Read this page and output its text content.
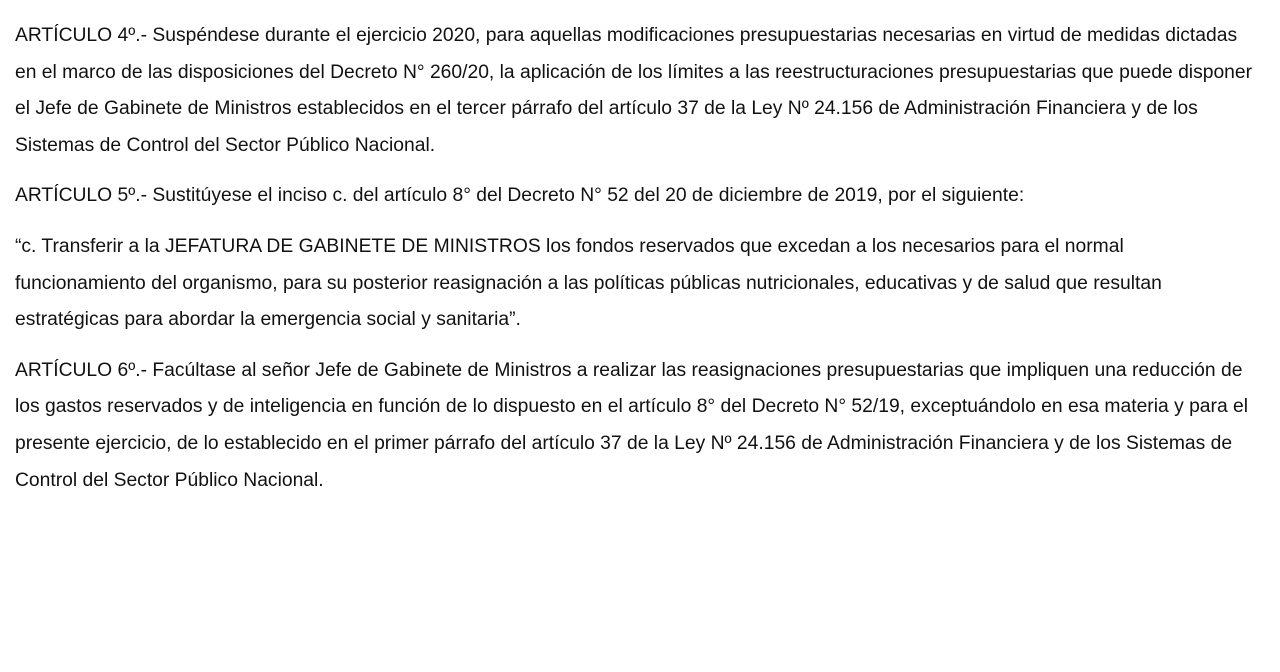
ARTÍCULO 4º.- Suspéndese durante el ejercicio 2020, para aquellas modificaciones presupuestarias necesarias en virtud de medidas dictadas en el marco de las disposiciones del Decreto N° 260/20, la aplicación de los límites a las reestructuraciones presupuestarias que puede disponer el Jefe de Gabinete de Ministros establecidos en el tercer párrafo del artículo 37 de la Ley Nº 24.156 de Administración Financiera y de los Sistemas de Control del Sector Público Nacional.

ARTÍCULO 5º.- Sustitúyese el inciso c. del artículo 8° del Decreto N° 52 del 20 de diciembre de 2019, por el siguiente:

“c. Transferir a la JEFATURA DE GABINETE DE MINISTROS los fondos reservados que excedan a los necesarios para el normal funcionamiento del organismo, para su posterior reasignación a las políticas públicas nutricionales, educativas y de salud que resultan estratégicas para abordar la emergencia social y sanitaria”.

ARTÍCULO 6º.- Facúltase al señor Jefe de Gabinete de Ministros a realizar las reasignaciones presupuestarias que impliquen una reducción de los gastos reservados y de inteligencia en función de lo dispuesto en el artículo 8° del Decreto N° 52/19, exceptuándolo en esa materia y para el presente ejercicio, de lo establecido en el primer párrafo del artículo 37 de la Ley Nº 24.156 de Administración Financiera y de los Sistemas de Control del Sector Público Nacional.
